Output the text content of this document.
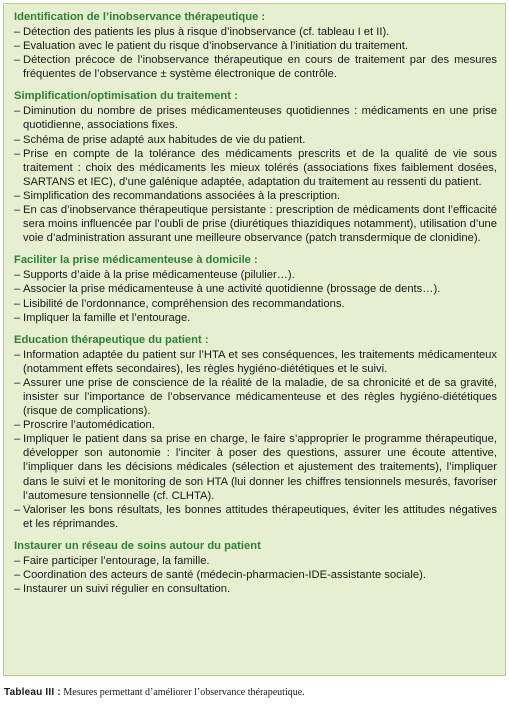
Identification de l’inobservance thérapeutique :
– Détection des patients les plus à risque d’inobservance (cf. tableau I et II).
– Evaluation avec le patient du risque d’inobservance à l’initiation du traitement.
– Détection précoce de l’inobservance thérapeutique en cours de traitement par des mesures fréquentes de l’observance ± système électronique de contrôle.
Simplification/optimisation du traitement :
– Diminution du nombre de prises médicamenteuses quotidiennes : médicaments en une prise quotidienne, associations fixes.
– Schéma de prise adapté aux habitudes de vie du patient.
– Prise en compte de la tolérance des médicaments prescrits et de la qualité de vie sous traitement : choix des médicaments les mieux tolérés (associations fixes faiblement dosées, SARTANS et IEC), d’une galénique adaptée, adaptation du traitement au ressenti du patient.
– Simplification des recommandations associées à la prescription.
– En cas d’inobservance thérapeutique persistante : prescription de médicaments dont l’efficacité sera moins influencée par l’oubli de prise (diurétiques thiazidiques notamment), utilisation d’une voie d’administration assurant une meilleure observance (patch transdermique de clonidine).
Faciliter la prise médicamenteuse à domicile :
– Supports d’aide à la prise médicamenteuse (pilulier…).
– Associer la prise médicamenteuse à une activité quotidienne (brossage de dents…).
– Lisibilité de l’ordonnance, compréhension des recommandations.
– Impliquer la famille et l’entourage.
Education thérapeutique du patient :
– Information adaptée du patient sur l’HTA et ses conséquences, les traitements médicamenteux (notamment effets secondaires), les règles hygiéno-diététiques et le suivi.
– Assurer une prise de conscience de la réalité de la maladie, de sa chronicité et de sa gravité, insister sur l’importance de l’observance médicamenteuse et des règles hygiéno-diététiques (risque de complications).
– Proscrire l’automédication.
– Impliquer le patient dans sa prise en charge, le faire s’approprier le programme thérapeutique, développer son autonomie : l’inciter à poser des questions, assurer une écoute attentive, l’impliquer dans les décisions médicales (sélection et ajustement des traitements), l’impliquer dans le suivi et le monitoring de son HTA (lui donner les chiffres tensionnels mesurés, favoriser l’automesure tensionnelle (cf. CLHTA).
– Valoriser les bons résultats, les bonnes attitudes thérapeutiques, éviter les attitudes négatives et les réprimandes.
Instaurer un réseau de soins autour du patient
– Faire participer l’entourage, la famille.
– Coordination des acteurs de santé (médecin-pharmacien-IDE-assistante sociale).
– Instaurer un suivi régulier en consultation.
Tableau III : Mesures permettant d’améliorer l’observance thérapeutique.
